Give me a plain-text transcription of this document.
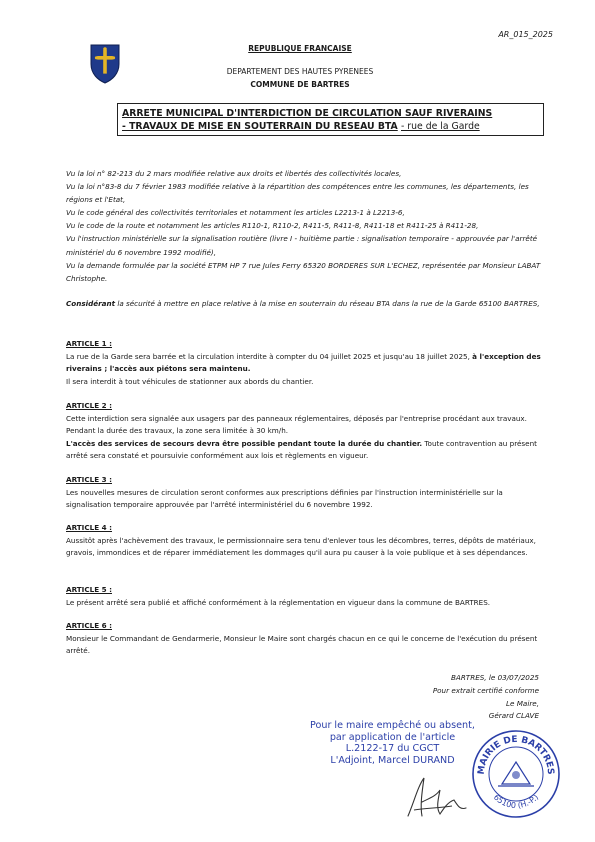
AR_015_2025
REPUBLIQUE FRANCAISE
DEPARTEMENT DES HAUTES PYRENEES
COMMUNE DE BARTRES
ARRETE MUNICIPAL D'INTERDICTION DE CIRCULATION SAUF RIVERAINS
- TRAVAUX DE MISE EN SOUTERRAIN DU RESEAU BTA - rue de la Garde

Vu la loi n° 82-213 du 2 mars modifiée relative aux droits et libertés des collectivités locales,

Vu la loi n°83-8 du 7 février 1983 modifiée relative à la répartition des compétences entre les communes, les départements, les régions et l'Etat,

Vu le code général des collectivités territoriales et notamment les articles L2213-1 à L2213-6,

Vu le code de la route et notamment les articles R110-1, R110-2, R411-5, R411-8, R411-18 et R411-25 à R411-28,

Vu l'instruction ministérielle sur la signalisation routière (livre I - huitième partie : signalisation temporaire - approuvée par l'arrêté ministériel du 6 novembre 1992 modifié),

Vu la demande formulée par la société ETPM HP 7 rue Jules Ferry 65320 BORDERES SUR L'ECHEZ, représentée par Monsieur LABAT Christophe.

Considérant la sécurité à mettre en place relative à la mise en souterrain du réseau BTA dans la rue de la Garde 65100 BARTRES,

ARTICLE 1 :

La rue de la Garde sera barrée et la circulation interdite à compter du 04 juillet 2025 et jusqu'au 18 juillet 2025, à l'exception des riverains ; l'accès aux piétons sera maintenu.

Il sera interdit à tout véhicules de stationner aux abords du chantier.

ARTICLE 2 :

Cette interdiction sera signalée aux usagers par des panneaux réglementaires, déposés par l'entreprise procédant aux travaux. Pendant la durée des travaux, la zone sera limitée à 30 km/h.

L'accès des services de secours devra être possible pendant toute la durée du chantier. Toute contravention au présent arrêté sera constaté et poursuivie conformément aux lois et règlements en vigueur.

ARTICLE 3 :

Les nouvelles mesures de circulation seront conformes aux prescriptions définies par l'instruction interministérielle sur la signalisation temporaire approuvée par l'arrêté interministériel du 6 novembre 1992.

ARTICLE 4 :

Aussitôt après l'achèvement des travaux, le permissionnaire sera tenu d'enlever tous les décombres, terres, dépôts de matériaux, gravois, immondices et de réparer immédiatement les dommages qu'il aura pu causer à la voie publique et à ses dépendances.

ARTICLE 5 :

Le présent arrêté sera publié et affiché conformément à la réglementation en vigueur dans la commune de BARTRES.

ARTICLE 6 :

Monsieur le Commandant de Gendarmerie, Monsieur le Maire sont chargés chacun en ce qui le concerne de l'exécution du présent arrêté.

BARTRES, le 03/07/2025

Pour extrait certifié conforme

Le Maire,

Gérard CLAVE

Pour le maire empêché ou absent,

par application de l'article

L.2122-17 du CGCT

L'Adjoint, Marcel DURAND

MAIRIE DE BARTRES
65100 (H.-P.)
